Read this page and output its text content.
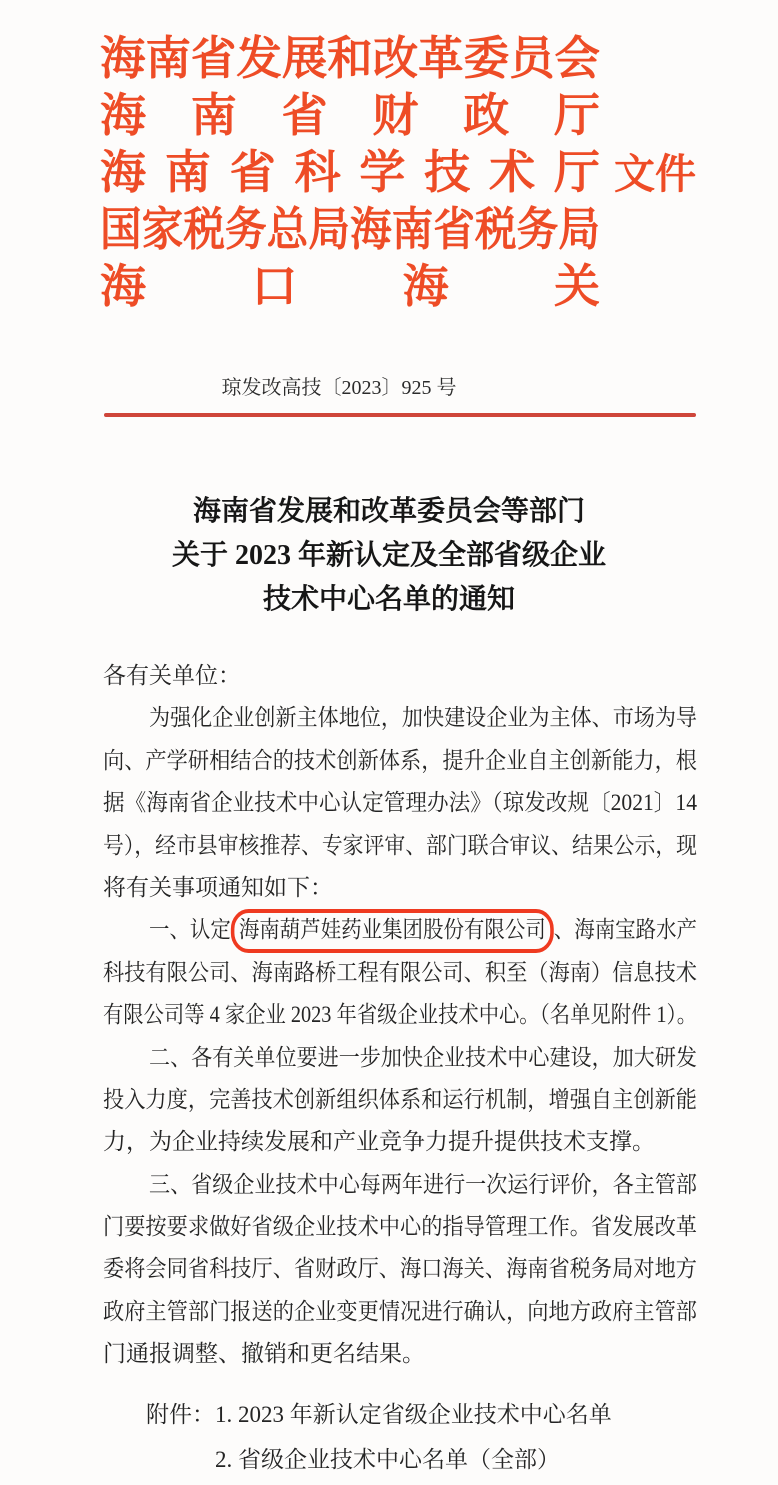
海南省发展和改革委员会
海南省财政厅
海南省科学技术厅
文件
国家税务总局海南省税务局
海口海关
琼发改高技〔2023〕925 号
海南省发展和改革委员会等部门
关于 2023 年新认定及全部省级企业
技术中心名单的通知
各有关单位：
为强化企业创新主体地位，加快建设企业为主体、市场为导
向、产学研相结合的技术创新体系，提升企业自主创新能力，根
据《海南省企业技术中心认定管理办法》（琼发改规〔2021〕14
号），经市县审核推荐、专家评审、部门联合审议、结果公示，现
将有关事项通知如下：
一、认定 海南葫芦娃药业集团股份有限公司 、海南宝路水产
科技有限公司、海南路桥工程有限公司、积至（海南）信息技术
有限公司等 4 家企业 2023 年省级企业技术中心。（名单见附件 1）。
二、各有关单位要进一步加快企业技术中心建设，加大研发
投入力度，完善技术创新组织体系和运行机制，增强自主创新能
力，为企业持续发展和产业竞争力提升提供技术支撑。
三、省级企业技术中心每两年进行一次运行评价，各主管部
门要按要求做好省级企业技术中心的指导管理工作。省发展改革
委将会同省科技厅、省财政厅、海口海关、海南省税务局对地方
政府主管部门报送的企业变更情况进行确认，向地方政府主管部
门通报调整、撤销和更名结果。
附件：1. 2023 年新认定省级企业技术中心名单
2. 省级企业技术中心名单（全部）
